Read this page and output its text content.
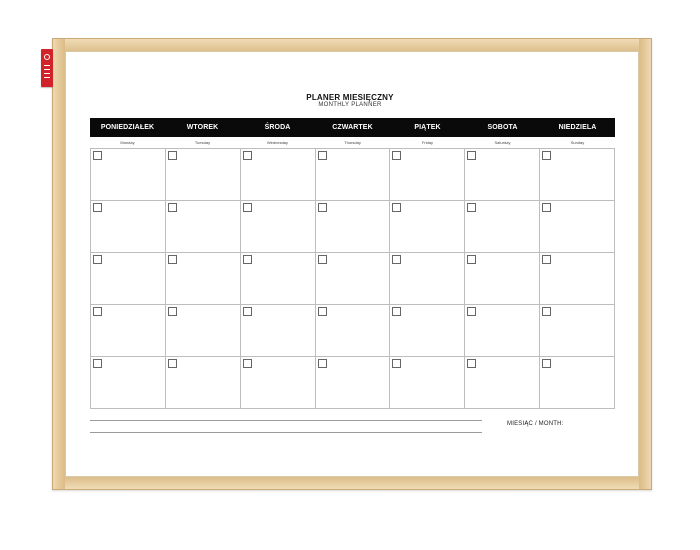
PLANER MIESIĘCZNY
MONTHLY PLANNER
PONIEDZIAŁEK	WTOREK	ŚRODA	CZWARTEK	PIĄTEK	SOBOTA	NIEDZIELA
Monday	Tuesday	Wednesday	Thursday	Friday	Saturday	Sunday
MIESIĄC / MONTH:
